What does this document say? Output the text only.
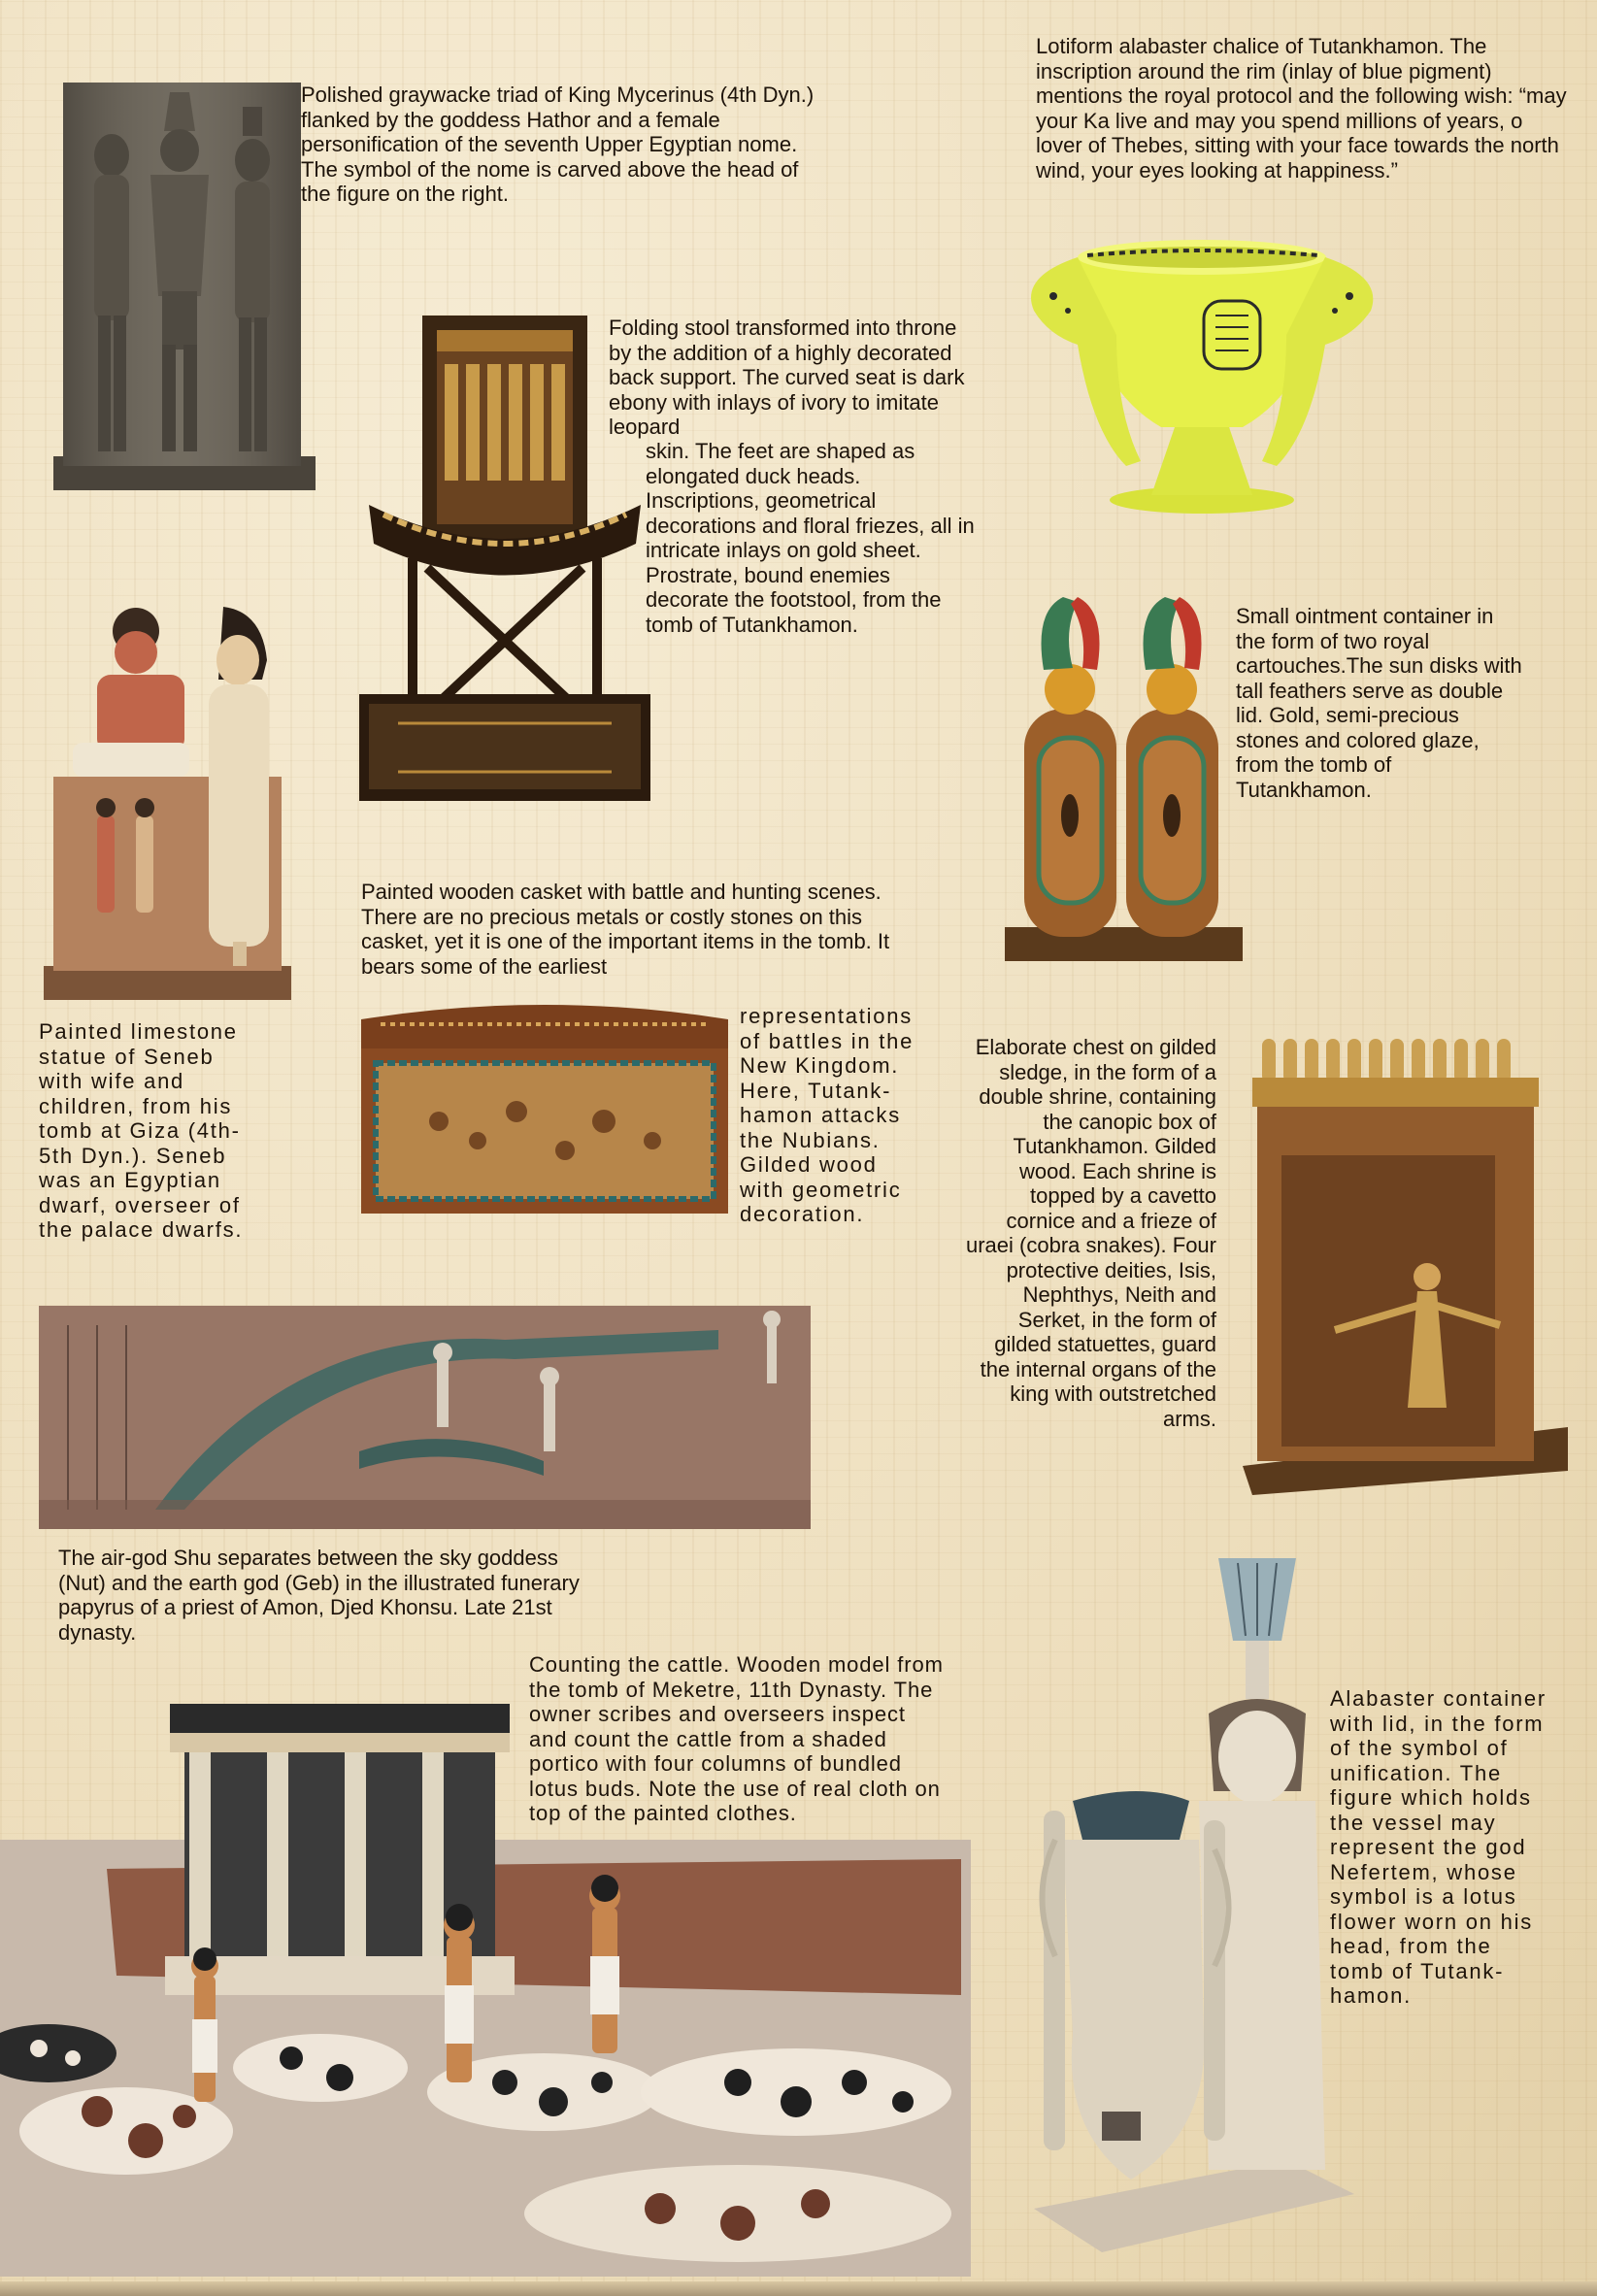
Polished graywacke triad of King Mycerinus (4th Dyn.) flanked by the goddess Hathor and a female personification of the seventh Upper Egyptian nome. The symbol of the nome is carved above the head of the figure on the right.

Lotiform alabaster chalice of Tutankhamon. The inscription around the rim (inlay of blue pigment) mentions the royal protocol and the following wish: “may your Ka live and may you spend millions of years, o lover of Thebes, sitting with your face towards the north wind, your eyes looking at happiness.”

Folding stool transformed into throne by the addition of a highly decorated back support. The curved seat is dark ebony with inlays of ivory to imitate leopard

skin. The feet are shaped as elongated duck heads. Inscriptions, geometrical decorations and floral friezes, all in intricate inlays on gold sheet. Prostrate, bound enemies decorate the footstool, from the tomb of Tutankhamon.	Small ointment container in the form of two royal cartouches.The sun disks with tall feathers serve as double lid. Gold, semi-precious stones and colored glaze, from the tomb of Tutankhamon.

Painted limestone statue of Seneb with wife and children, from his tomb at Giza (4th-5th Dyn.). Seneb was an Egyptian dwarf, overseer of the palace dwarfs.

Painted wooden casket with battle and hunting scenes. There are no precious metals or costly stones on this casket, yet it is one of the important items in the tomb. It bears some of the earliest

representations of battles in the New Kingdom. Here, Tutank-hamon attacks the Nubians. Gilded wood with geometric decoration.

Elaborate chest on gilded sledge, in the form of a double shrine, containing the canopic box of Tutankhamon. Gilded wood. Each shrine is topped by a cavetto cornice and a frieze of uraei (cobra snakes). Four protective deities, Isis, Nephthys, Neith and Serket, in the form of gilded statuettes, guard the internal organs of the king with outstretched arms.

The air-god Shu separates between the sky goddess (Nut) and the earth god (Geb) in the illustrated funerary papyrus of a priest of Amon, Djed Khonsu. Late 21st dynasty.

Counting the cattle. Wooden model from the tomb of Meketre, 11th Dynasty. The owner scribes and overseers inspect and count the cattle from a shaded portico with four columns of bundled lotus buds. Note the use of real cloth on top of the painted clothes.

Alabaster container with lid, in the form of the symbol of unification. The figure which holds the vessel may represent the god Nefertem, whose symbol is a lotus flower worn on his head, from the tomb of Tutank-hamon.
